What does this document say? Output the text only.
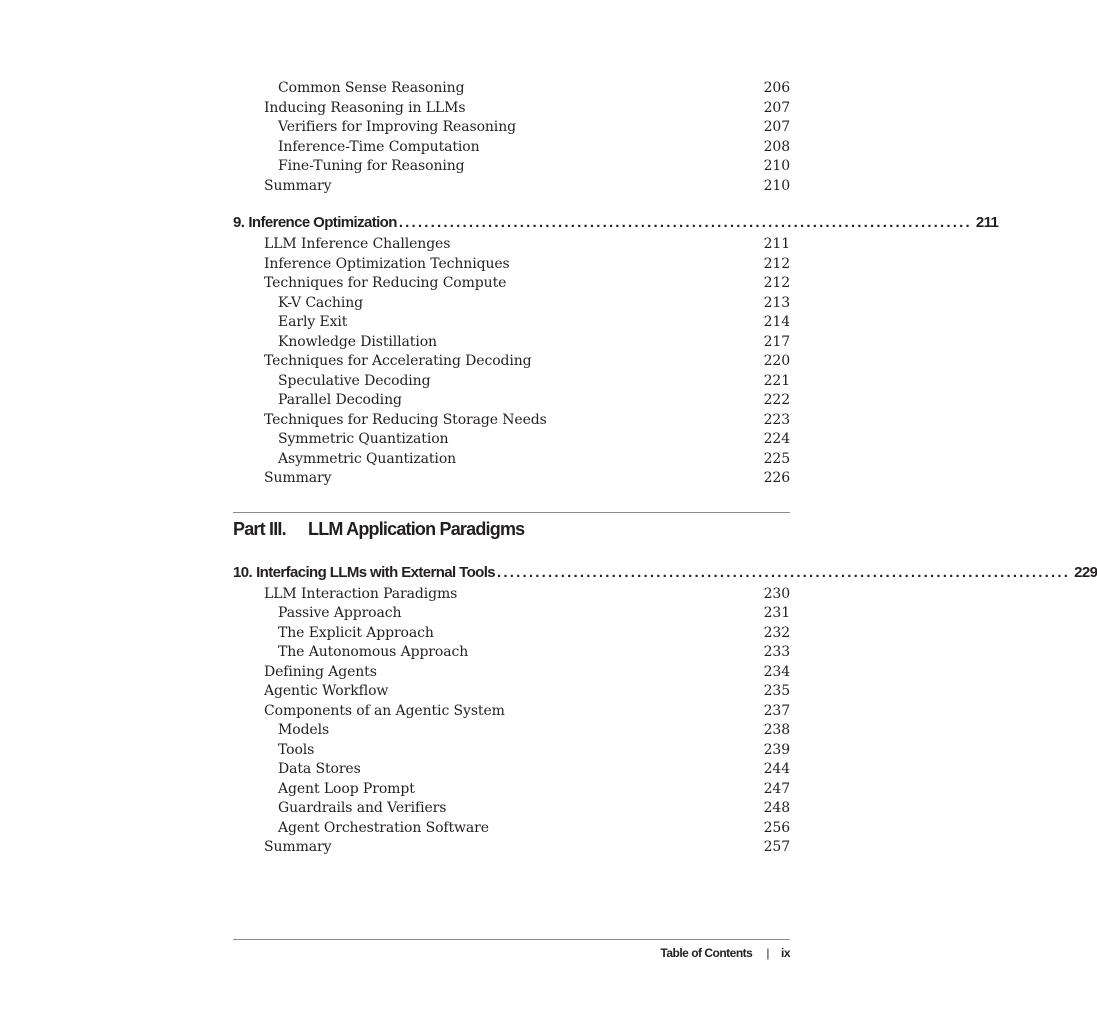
Common Sense Reasoning	206
Inducing Reasoning in LLMs	207
Verifiers for Improving Reasoning	207
Inference-Time Computation	208
Fine-Tuning for Reasoning	210
Summary	210
9. Inference Optimization .......................................................................................... 211
LLM Inference Challenges	211
Inference Optimization Techniques	212
Techniques for Reducing Compute	212
K-V Caching	213
Early Exit	214
Knowledge Distillation	217
Techniques for Accelerating Decoding	220
Speculative Decoding	221
Parallel Decoding	222
Techniques for Reducing Storage Needs	223
Symmetric Quantization	224
Asymmetric Quantization	225
Summary	226
Part III.	LLM Application Paradigms
10. Interfacing LLMs with External Tools .......................................................................................... 229
LLM Interaction Paradigms	230
Passive Approach	231
The Explicit Approach	232
The Autonomous Approach	233
Defining Agents	234
Agentic Workflow	235
Components of an Agentic System	237
Models	238
Tools	239
Data Stores	244
Agent Loop Prompt	247
Guardrails and Verifiers	248
Agent Orchestration Software	256
Summary	257
Table of Contents | ix
